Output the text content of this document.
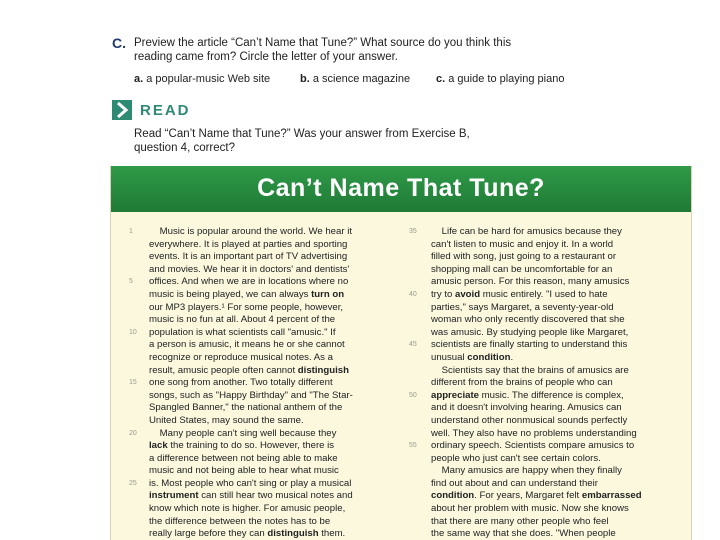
C. Preview the article “Can’t Name that Tune?” What source do you think this
reading came from? Circle the letter of your answer.
a. a popular-music Web site	b. a science magazine c. a guide to playing piano
READ
Read “Can’t Name that Tune?” Was your answer from Exercise B,
question 4, correct?
Can’t Name That Tune?
Music is popular around the world. We hear it
everywhere. It is played at parties and sporting
events. It is an important part of TV advertising
and movies. We hear it in doctors' and dentists'
offices. And when we are in locations where no
music is being played, we can always turn on
our MP3 players.¹ For some people, however,
music is no fun at all. About 4 percent of the
population is what scientists call "amusic." If
a person is amusic, it means he or she cannot
recognize or reproduce musical notes. As a
result, amusic people often cannot distinguish
one song from another. Two totally different
songs, such as "Happy Birthday" and "The Star-
Spangled Banner," the national anthem of the
United States, may sound the same.
Many people can't sing well because they
lack the training to do so. However, there is
a difference between not being able to make
music and not being able to hear what music
is. Most people who can't sing or play a musical
instrument can still hear two musical notes and
know which note is higher. For amusic people,
the difference between the notes has to be
really large before they can distinguish them.
Life can be hard for amusics because they
can't listen to music and enjoy it. In a world
filled with song, just going to a restaurant or
shopping mall can be uncomfortable for an
amusic person. For this reason, many amusics
try to avoid music entirely. "I used to hate
parties," says Margaret, a seventy-year-old
woman who only recently discovered that she
was amusic. By studying people like Margaret,
scientists are finally starting to understand this
unusual condition.
Scientists say that the brains of amusics are
different from the brains of people who can
appreciate music. The difference is complex,
and it doesn't involving hearing. Amusics can
understand other nonmusical sounds perfectly
well. They also have no problems understanding
ordinary speech. Scientists compare amusics to
people who just can't see certain colors.
Many amusics are happy when they finally
find out about and can understand their
condition. For years, Margaret felt embarrassed
about her problem with music. Now she knows
that there are many other people who feel
the same way that she does. "When people
1
5
10
15
20
25
35
40
45
50
55
